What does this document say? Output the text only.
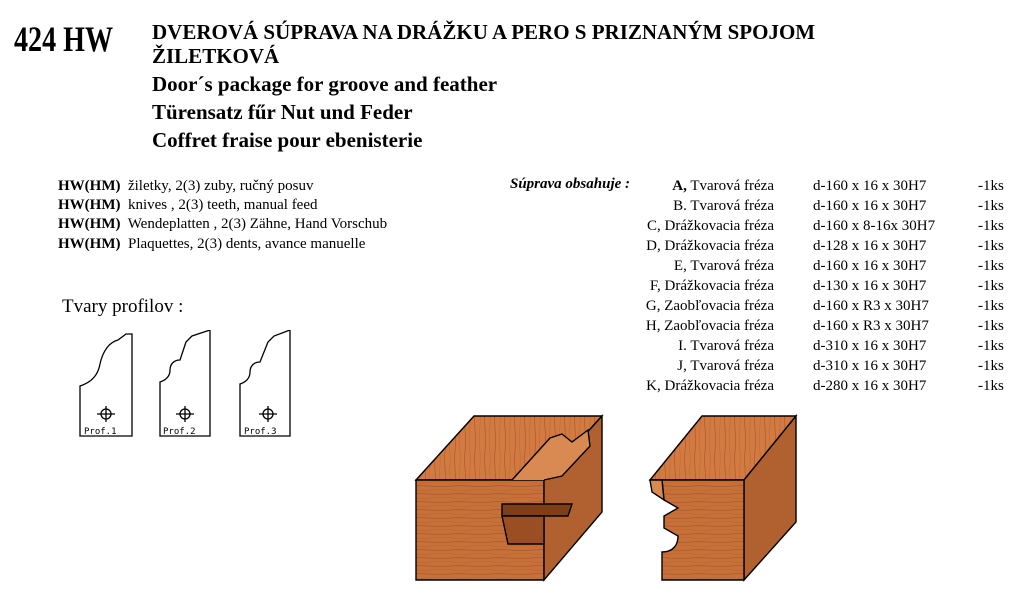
424 HW DVEROVÁ SÚPRAVA NA DRÁŽKU A PERO S PRIZNANÝM SPOJOM
ŽILETKOVÁ
Door´s package for groove and feather
Türensatz fűr Nut und Feder
Coffret fraise pour ebenisterie
HW(HM) žiletky, 2(3) zuby, ručný posuv
HW(HM) knives , 2(3) teeth, manual feed
HW(HM) Wendeplatten , 2(3) Zähne, Hand Vorschub
HW(HM) Plaquettes, 2(3) dents, avance manuelle
Tvary profilov :
Prof.1	Prof.2	Prof.3
Súprava obsahuje :	A, Tvarová fréza	d-160 x 16 x 30H7	-1ks
B. Tvarová fréza	d-160 x 16 x 30H7	-1ks
C, Drážkovacia fréza	d-160 x 8-16x 30H7	-1ks
D, Drážkovacia fréza	d-128 x 16 x 30H7	-1ks
E, Tvarová fréza	d-160 x 16 x 30H7	-1ks
F, Drážkovacia fréza	d-130 x 16 x 30H7	-1ks
G, Zaobľovacia fréza	d-160 x R3 x 30H7	-1ks
H, Zaobľovacia fréza	d-160 x R3 x 30H7	-1ks
I. Tvarová fréza	d-310 x 16 x 30H7	-1ks
J, Tvarová fréza	d-310 x 16 x 30H7	-1ks
K, Drážkovacia fréza	d-280 x 16 x 30H7	-1ks
